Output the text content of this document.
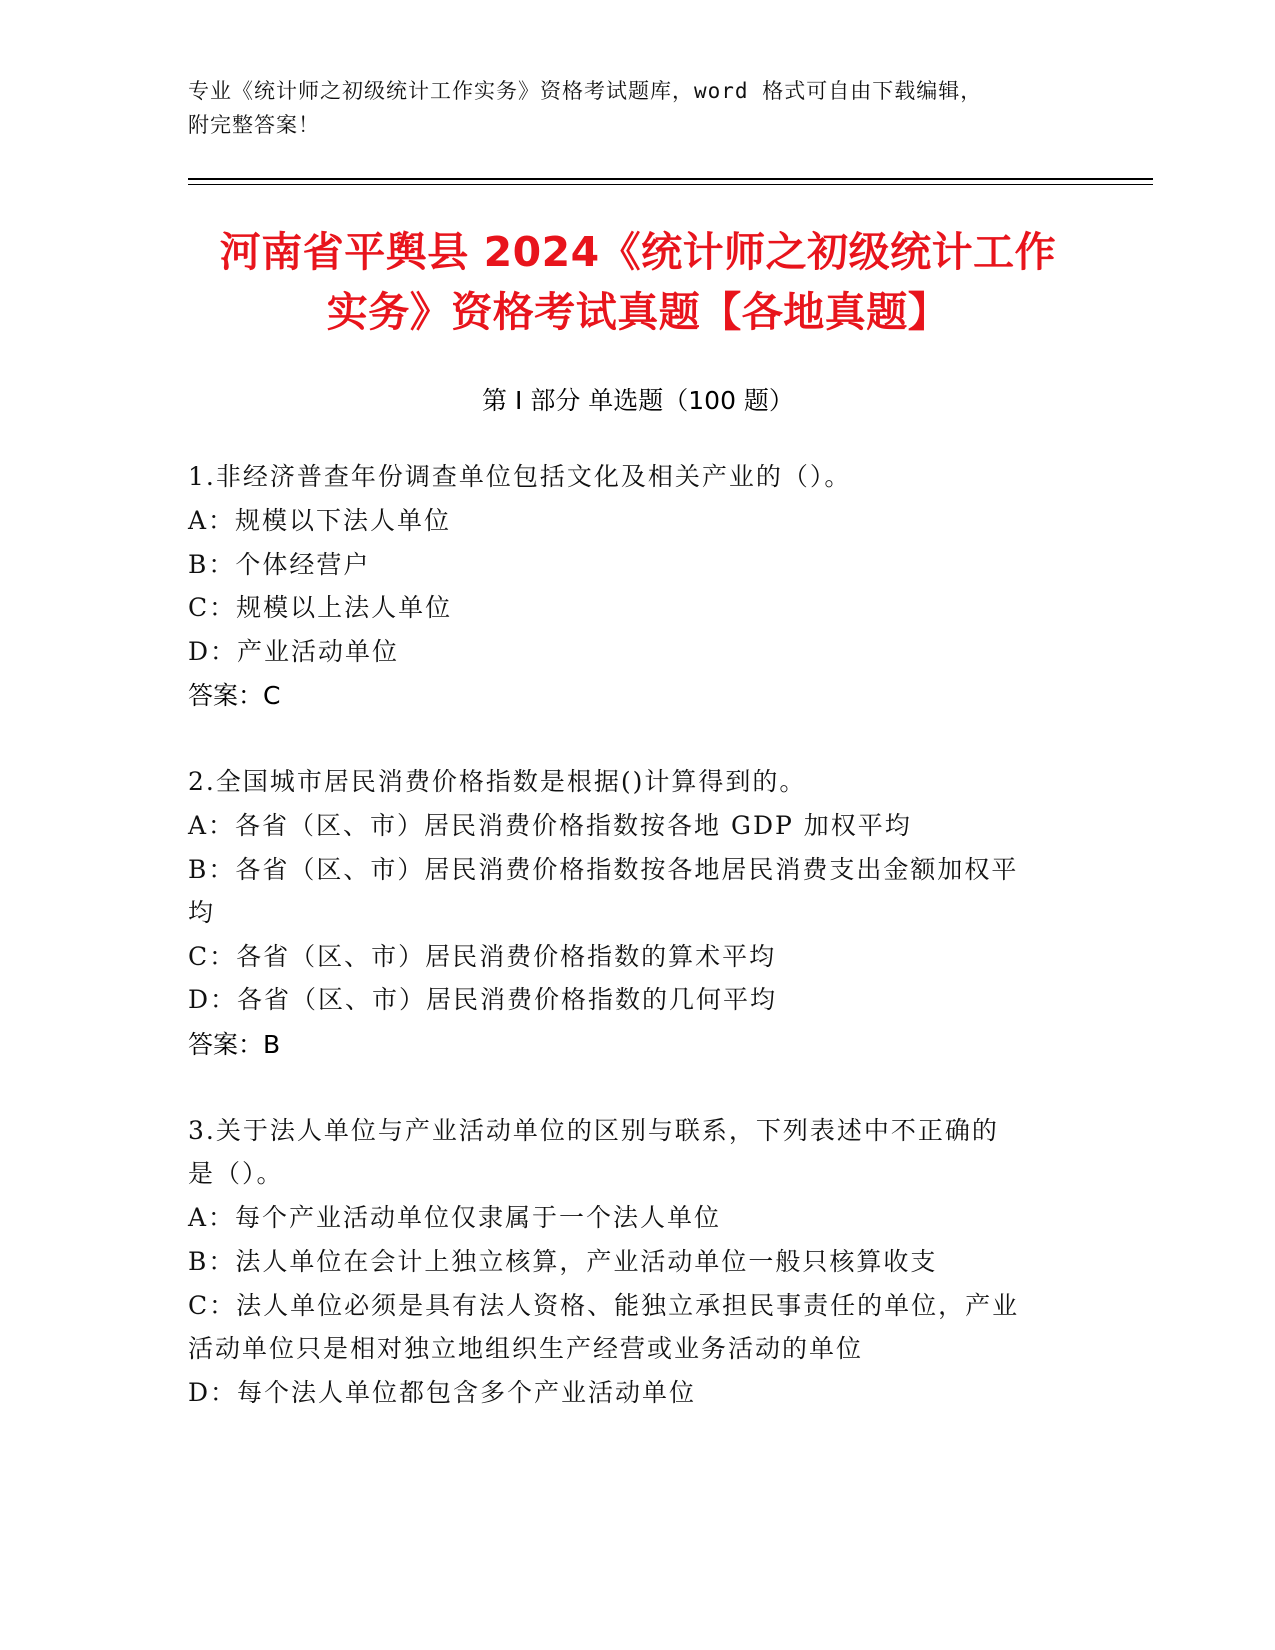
专业《统计师之初级统计工作实务》资格考试题库，word 格式可自由下载编辑，
附完整答案！
河南省平舆县 2024《统计师之初级统计工作
实务》资格考试真题【各地真题】
第 I 部分 单选题（100 题）
1.非经济普查年份调查单位包括文化及相关产业的（）。
A：规模以下法人单位
B：个体经营户
C：规模以上法人单位
D：产业活动单位
答案：C
2.全国城市居民消费价格指数是根据()计算得到的。
A：各省（区、市）居民消费价格指数按各地 GDP 加权平均
B：各省（区、市）居民消费价格指数按各地居民消费支出金额加权平
均
C：各省（区、市）居民消费价格指数的算术平均
D：各省（区、市）居民消费价格指数的几何平均
答案：B
3.关于法人单位与产业活动单位的区别与联系，下列表述中不正确的
是（）。
A：每个产业活动单位仅隶属于一个法人单位
B：法人单位在会计上独立核算，产业活动单位一般只核算收支
C：法人单位必须是具有法人资格、能独立承担民事责任的单位，产业
活动单位只是相对独立地组织生产经营或业务活动的单位
D：每个法人单位都包含多个产业活动单位
